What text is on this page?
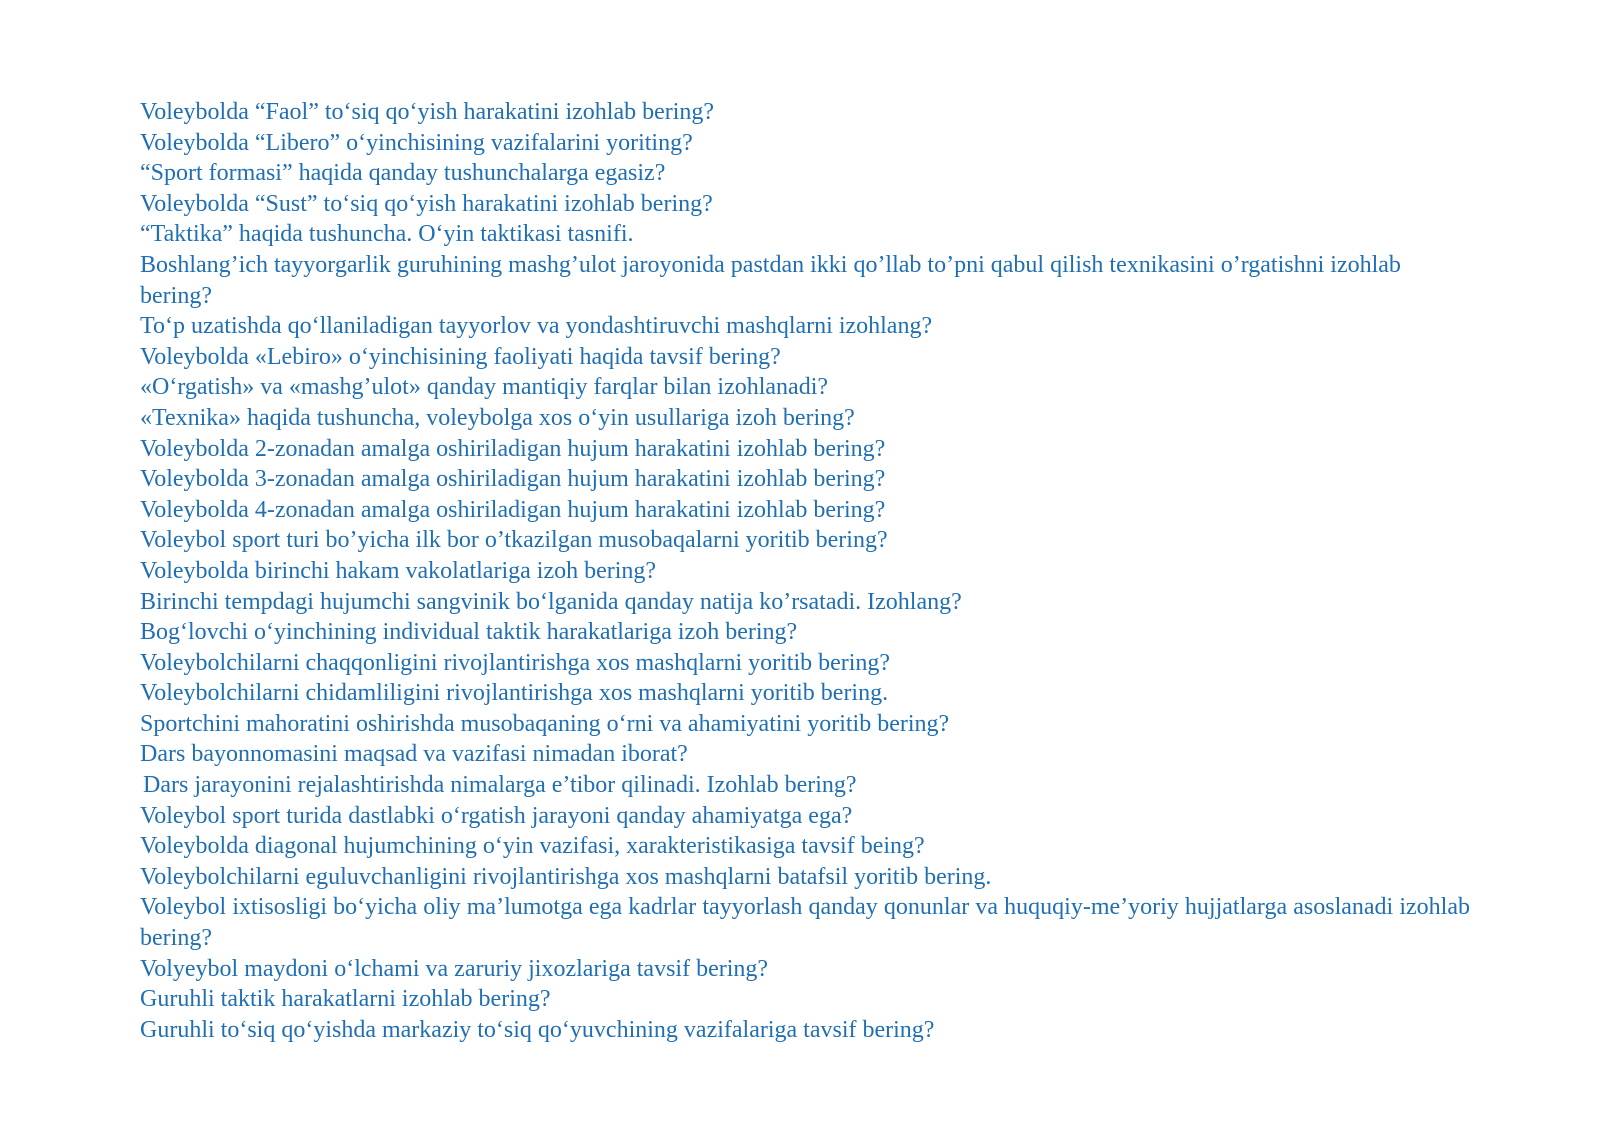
Voleybolda “Faol” to‘siq qo‘yish harakatini izohlab bering?
Voleybolda “Libero” o‘yinchisining vazifalarini yoriting?
“Sport formasi” haqida qanday tushunchalarga egasiz?
Voleybolda “Sust” to‘siq qo‘yish harakatini izohlab bering?
“Taktika” haqida tushuncha. O‘yin taktikasi tasnifi.
Boshlang’ich tayyorgarlik guruhining mashg’ulot jaroyonida pastdan ikki qo’llab to’pni qabul qilish texnikasini o’rgatishni izohlab bering?
To‘p uzatishda qo‘llaniladigan tayyorlov va yondashtiruvchi mashqlarni izohlang?
Voleybolda «Lebiro» o‘yinchisining faoliyati haqida tavsif bering?
«O‘rgatish» va «mashg’ulot» qanday mantiqiy farqlar bilan izohlanadi?
«Texnika» haqida tushuncha, voleybolga xos o‘yin usullariga izoh bering?
Voleybolda 2-zonadan amalga oshiriladigan hujum harakatini izohlab bering?
Voleybolda 3-zonadan amalga oshiriladigan hujum harakatini izohlab bering?
Voleybolda 4-zonadan amalga oshiriladigan hujum harakatini izohlab bering?
Voleybol sport turi bo’yicha ilk bor o’tkazilgan musobaqalarni yoritib bering?
Voleybolda birinchi hakam vakolatlariga izoh bering?
Birinchi tempdagi hujumchi sangvinik bo‘lganida qanday natija ko’rsatadi. Izohlang?
Bog‘lovchi o‘yinchining individual taktik harakatlariga izoh bering?
Voleybolchilarni chaqqonligini rivojlantirishga xos mashqlarni yoritib bering?
Voleybolchilarni chidamliligini rivojlantirishga xos mashqlarni yoritib bering.
Sportchini mahoratini oshirishda musobaqaning o‘rni va ahamiyatini yoritib bering?
Dars bayonnomasini maqsad va vazifasi nimadan iborat?
Dars jarayonini rejalashtirishda nimalarga e’tibor qilinadi. Izohlab bering?
Voleybol sport turida dastlabki o‘rgatish jarayoni qanday ahamiyatga ega?
Voleybolda diagonal hujumchining o‘yin vazifasi, xarakteristikasiga tavsif being?
Voleybolchilarni eguluvchanligini rivojlantirishga xos mashqlarni batafsil yoritib bering.
Voleybol ixtisosligi bo‘yicha oliy ma’lumotga ega kadrlar tayyorlash qanday qonunlar va huquqiy-me’yoriy hujjatlarga asoslanadi izohlab bering?
Volyeybol maydoni o‘lchami va zaruriy jixozlariga tavsif bering?
Guruhli taktik harakatlarni izohlab bering?
Guruhli to‘siq qo‘yishda markaziy to‘siq qo‘yuvchining vazifalariga tavsif bering?
